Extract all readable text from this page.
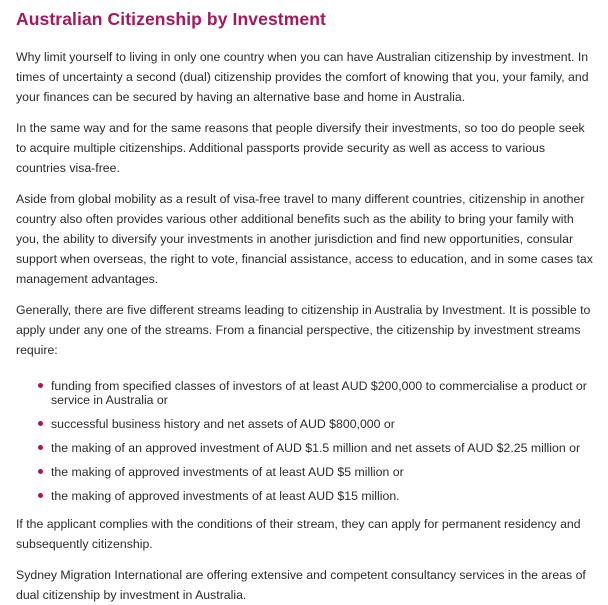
Australian Citizenship by Investment

Why limit yourself to living in only one country when you can have Australian citizenship by investment. In times of uncertainty a second (dual) citizenship provides the comfort of knowing that you, your family, and your finances can be secured by having an alternative base and home in Australia.

In the same way and for the same reasons that people diversify their investments, so too do people seek to acquire multiple citizenships. Additional passports provide security as well as access to various countries visa-free.

Aside from global mobility as a result of visa-free travel to many different countries, citizenship in another country also often provides various other additional benefits such as the ability to bring your family with you, the ability to diversify your investments in another jurisdiction and find new opportunities, consular support when overseas, the right to vote, financial assistance, access to education, and in some cases tax management advantages.

Generally, there are five different streams leading to citizenship in Australia by Investment. It is possible to apply under any one of the streams. From a financial perspective, the citizenship by investment streams require:

funding from specified classes of investors of at least AUD $200,000 to commercialise a product or service in Australia or
successful business history and net assets of AUD $800,000 or
the making of an approved investment of AUD $1.5 million and net assets of AUD $2.25 million or
the making of approved investments of at least AUD $5 million or
the making of approved investments of at least AUD $15 million.

If the applicant complies with the conditions of their stream, they can apply for permanent residency and subsequently citizenship.

Sydney Migration International are offering extensive and competent consultancy services in the areas of dual citizenship by investment in Australia.
